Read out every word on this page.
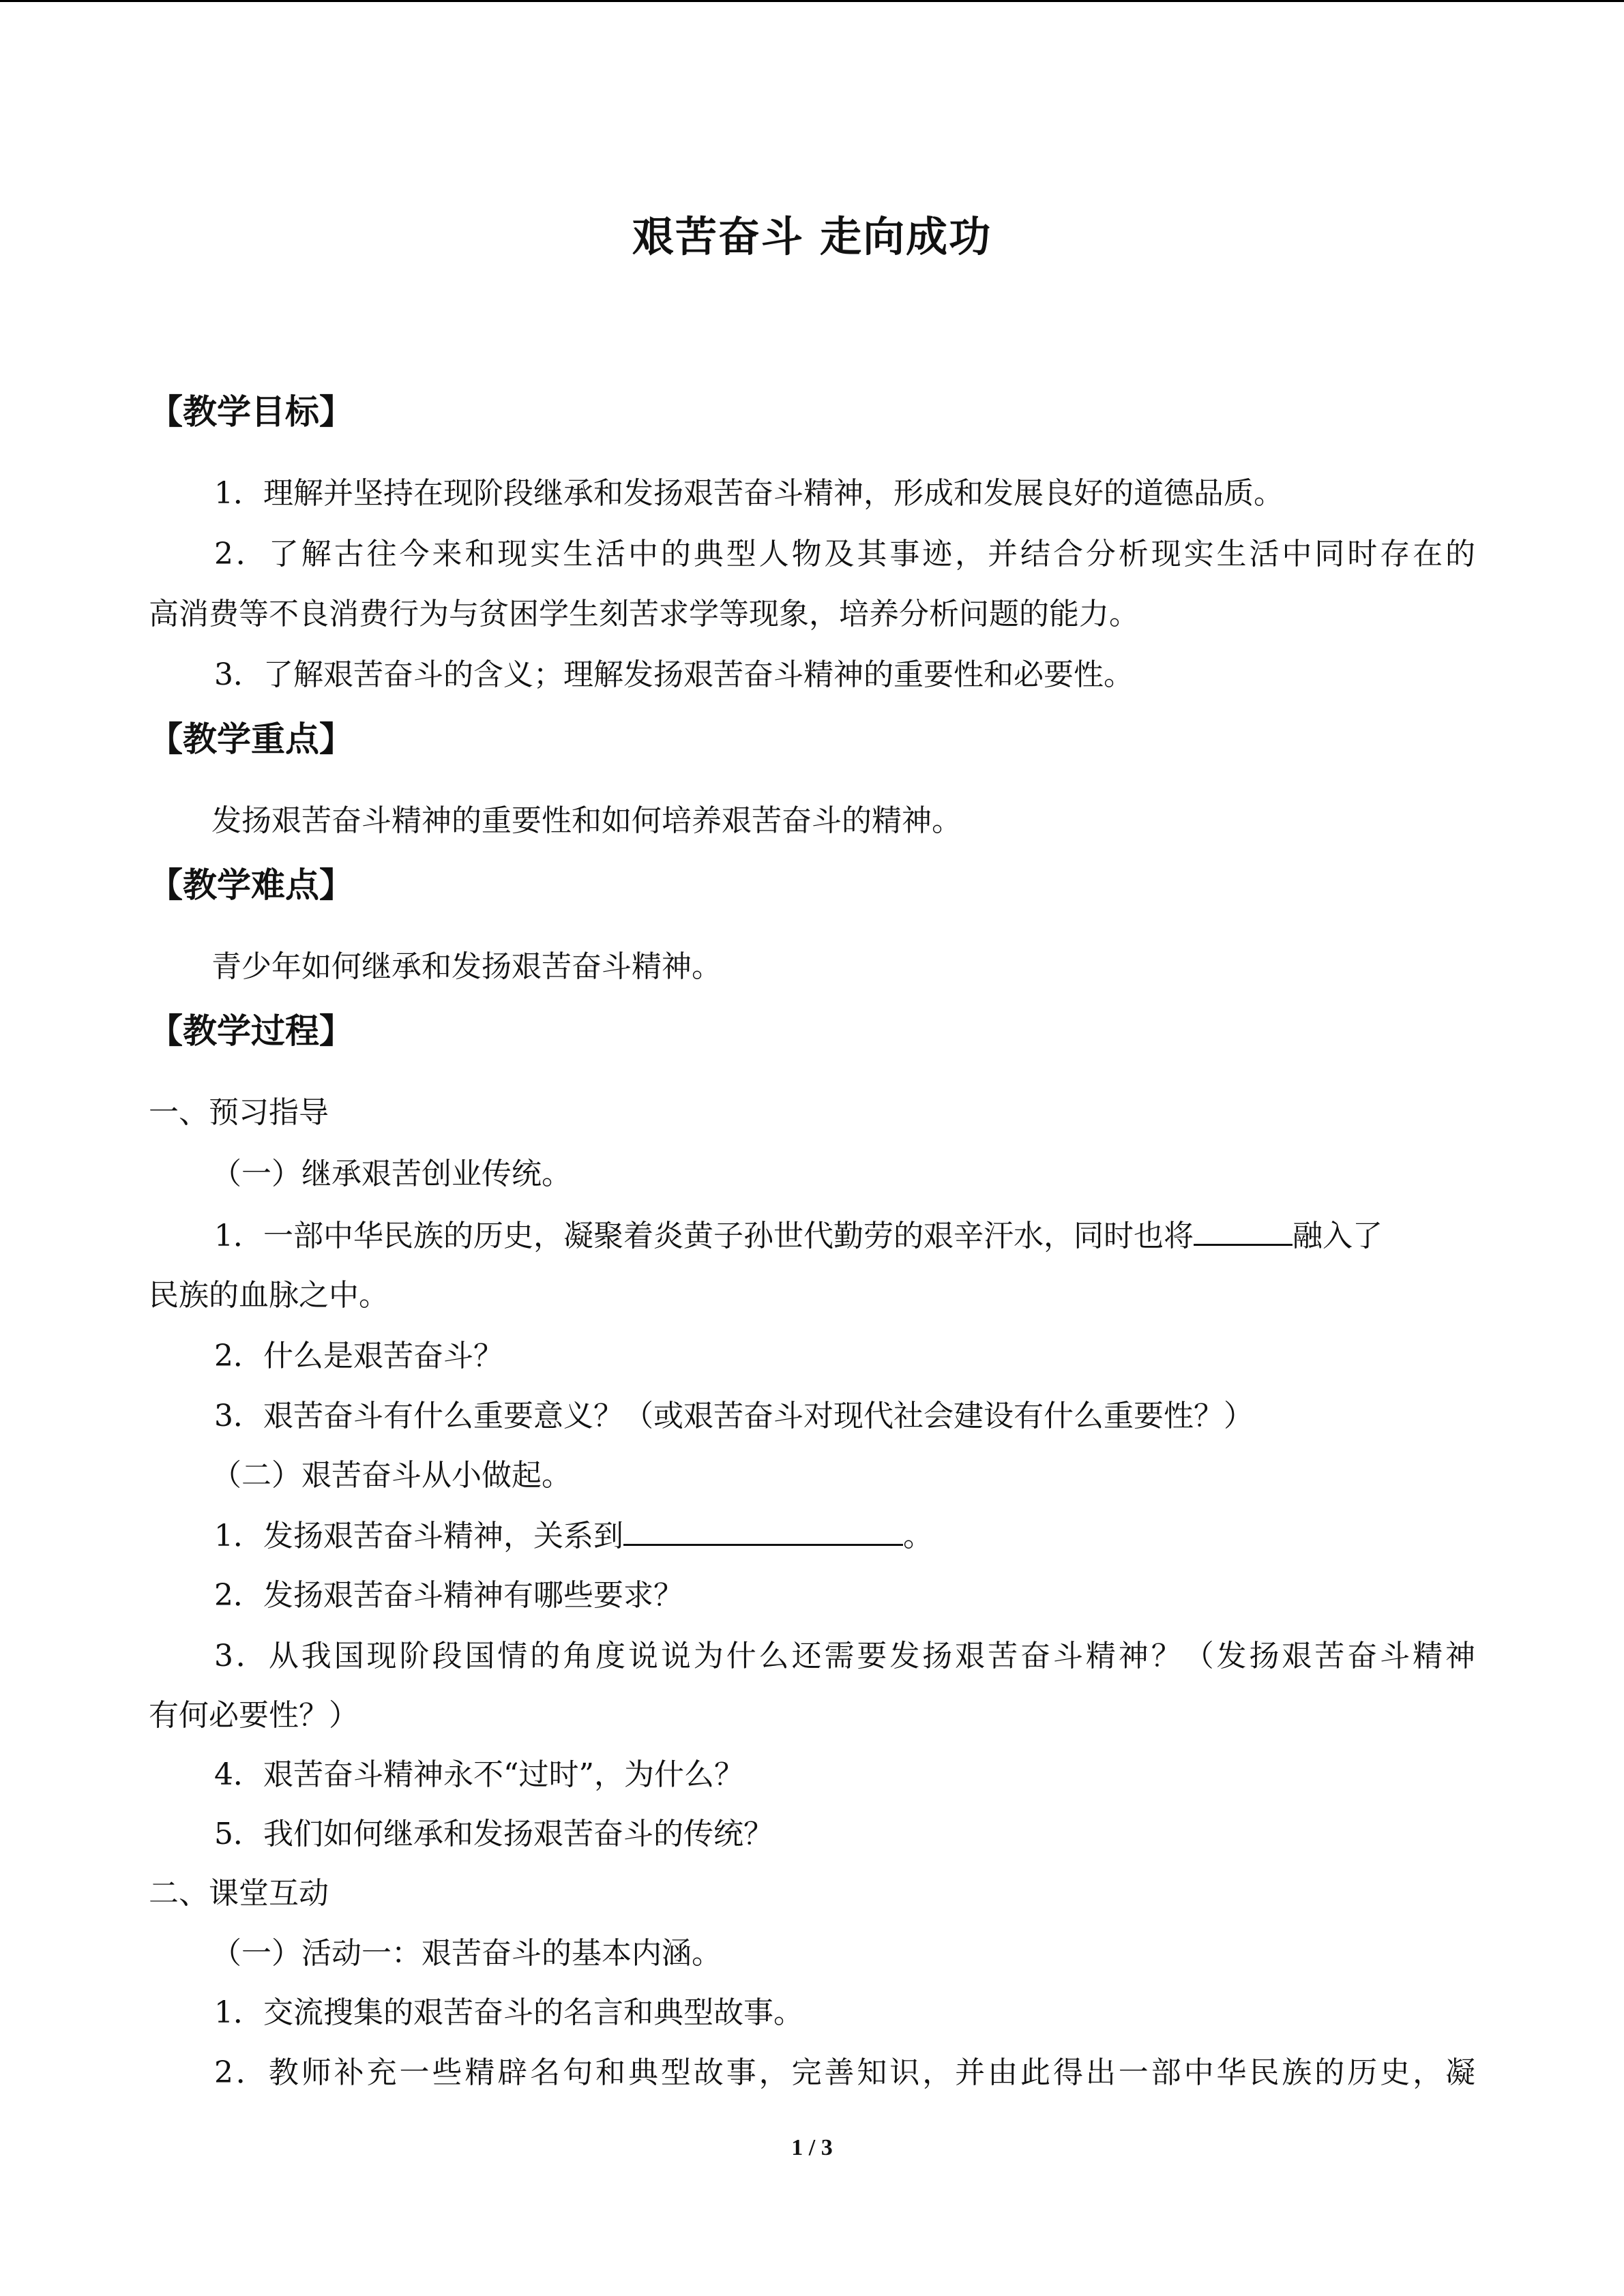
艰苦奋斗 走向成功
【教学目标】
1．理解并坚持在现阶段继承和发扬艰苦奋斗精神，形成和发展良好的道德品质。
2．了解古往今来和现实生活中的典型人物及其事迹，并结合分析现实生活中同时存在的
高消费等不良消费行为与贫困学生刻苦求学等现象，培养分析问题的能力。
3．了解艰苦奋斗的含义；理解发扬艰苦奋斗精神的重要性和必要性。
【教学重点】
发扬艰苦奋斗精神的重要性和如何培养艰苦奋斗的精神。
【教学难点】
青少年如何继承和发扬艰苦奋斗精神。
【教学过程】
一、预习指导
（一）继承艰苦创业传统。
1．一部中华民族的历史，凝聚着炎黄子孙世代勤劳的艰辛汗水，同时也将	融入了
民族的血脉之中。
2．什么是艰苦奋斗？
3．艰苦奋斗有什么重要意义？（或艰苦奋斗对现代社会建设有什么重要性？）
（二）艰苦奋斗从小做起。
1．发扬艰苦奋斗精神，关系到	。
2．发扬艰苦奋斗精神有哪些要求？
3．从我国现阶段国情的角度说说为什么还需要发扬艰苦奋斗精神？（发扬艰苦奋斗精神
有何必要性？）
4．艰苦奋斗精神永不“过时”，为什么？
5．我们如何继承和发扬艰苦奋斗的传统？
二、课堂互动
（一）活动一：艰苦奋斗的基本内涵。
1．交流搜集的艰苦奋斗的名言和典型故事。
2．教师补充一些精辟名句和典型故事，完善知识，并由此得出一部中华民族的历史，凝
1 / 3
